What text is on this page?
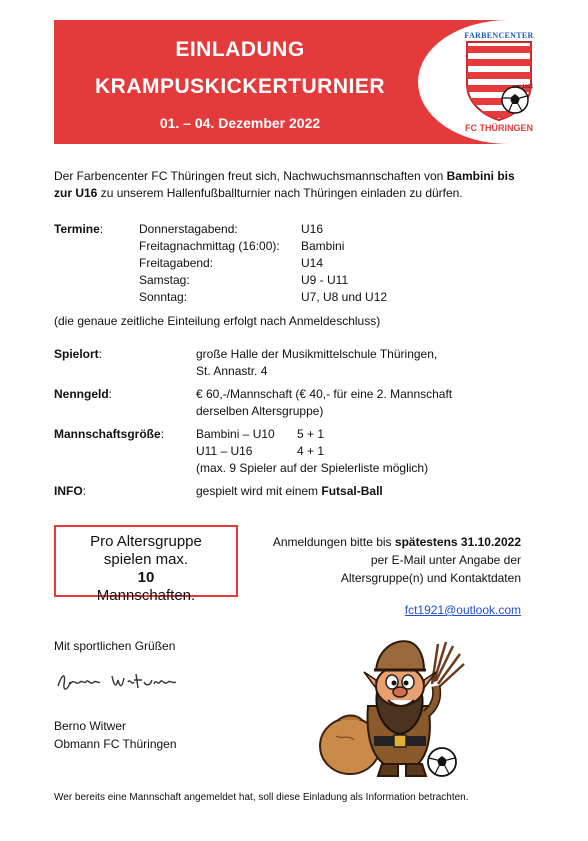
EINLADUNG
KRAMPUSKICKERTURNIER
01. – 04. Dezember 2022
FARBENCENTER
seit 1921
FC THÜRINGEN
Der Farbencenter FC Thüringen freut sich, Nachwuchsmannschaften von Bambini bis
zur U16 zu unserem Hallenfußballturnier nach Thüringen einladen zu dürfen.
Termine:	Donnerstagabend:	U16
Freitagnachmittag (16:00): Bambini
Freitagabend:	U14
Samstag:	U9 - U11
Sonntag:	U7, U8 und U12
(die genaue zeitliche Einteilung erfolgt nach Anmeldeschluss)
Spielort:	große Halle der Musikmittelschule Thüringen,
St. Annastr. 4
Nenngeld:	€ 60,-/Mannschaft (€ 40,- für eine 2. Mannschaft
derselben Altersgruppe)
Mannschaftsgröße:	Bambini – U10 5 + 1
U11 – U16	4 + 1
(max. 9 Spieler auf der Spielerliste möglich)
INFO:	gespielt wird mit einem Futsal-Ball
Pro Altersgruppe
spielen max.
10
Mannschaften.
Anmeldungen bitte bis spätestens 31.10.2022
per E-Mail unter Angabe der
Altersgruppe(n) und Kontaktdaten
fct1921@outlook.com
Mit sportlichen Grüßen
Berno Witwer
Obmann FC Thüringen
Wer bereits eine Mannschaft angemeldet hat, soll diese Einladung als Information betrachten.
